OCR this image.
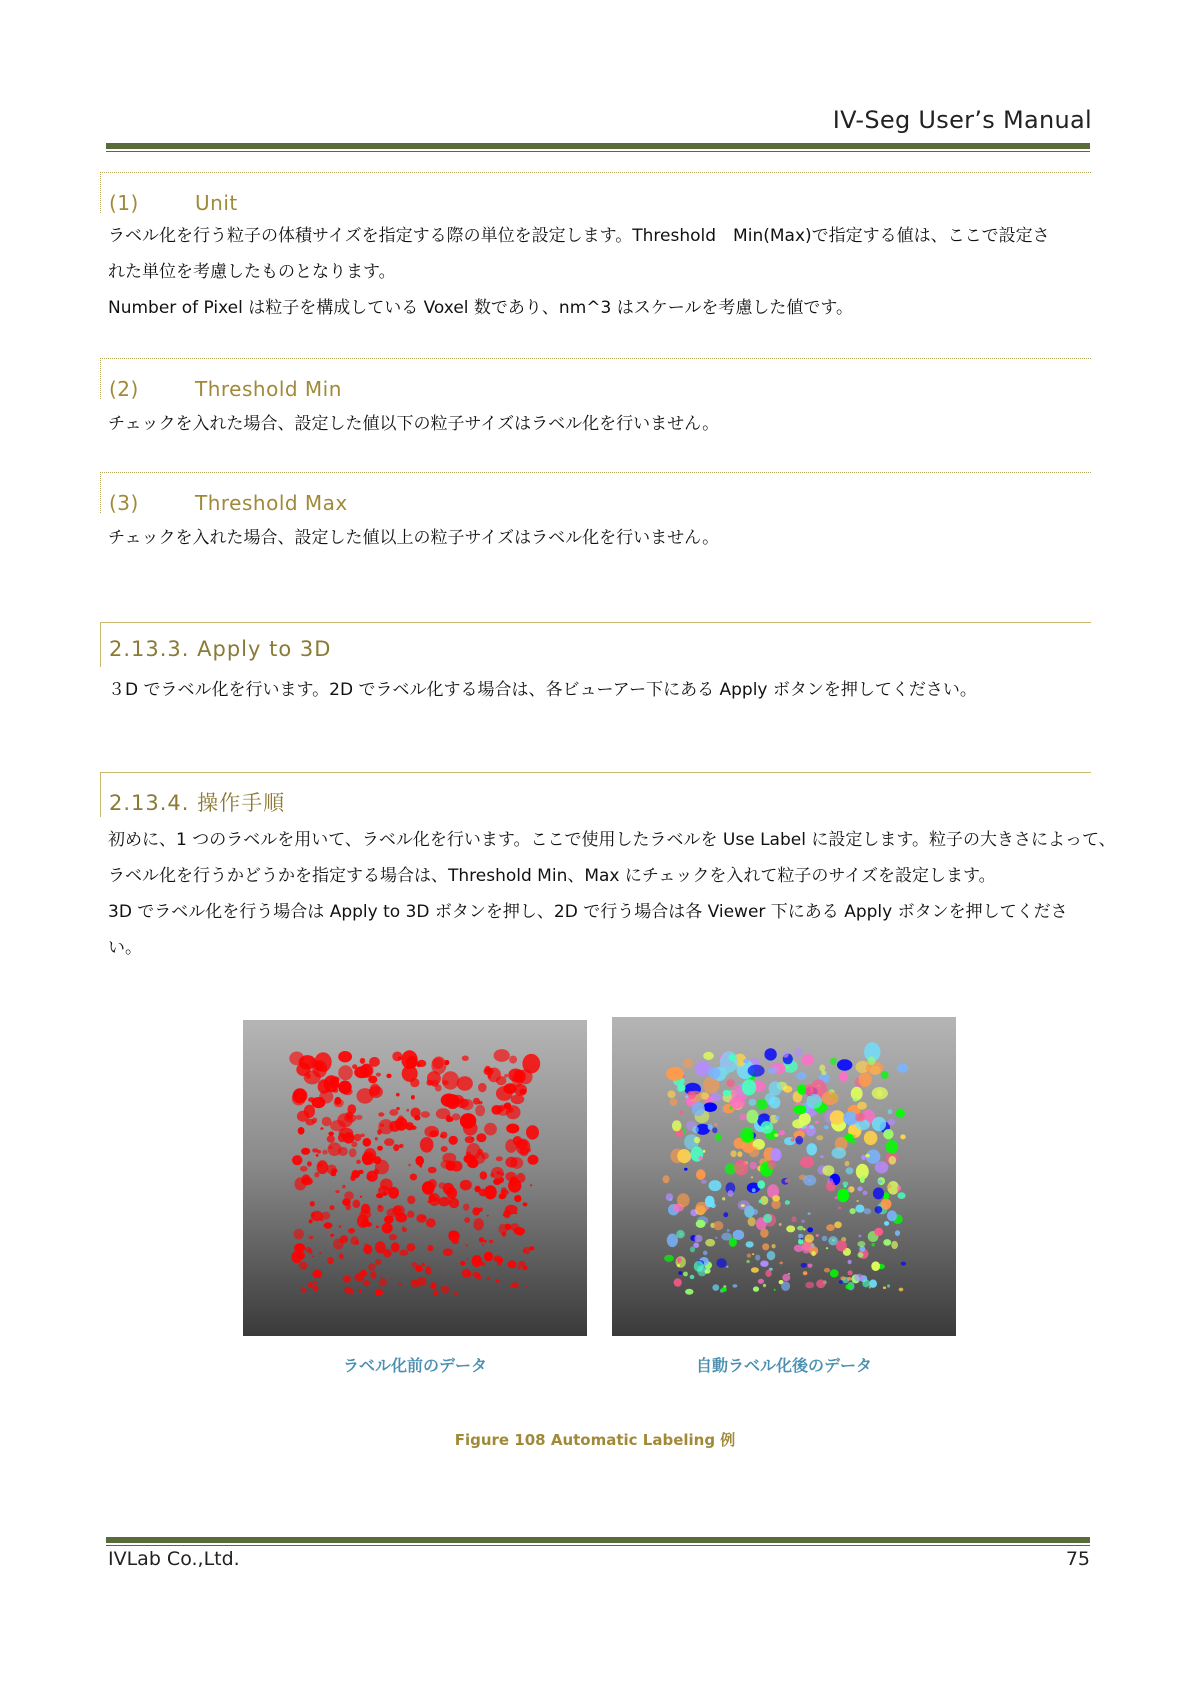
IV-Seg User’s Manual
(1)	Unit
ラベル化を行う粒子の体積サイズを指定する際の単位を設定します。Threshold　Min(Max)で指定する値は、ここで設定さ
れた単位を考慮したものとなります。
Number of Pixel は粒子を構成している Voxel 数であり、nm^3 はスケールを考慮した値です。
(2)	Threshold Min
チェックを入れた場合、設定した値以下の粒子サイズはラベル化を行いません。
(3)	Threshold Max
チェックを入れた場合、設定した値以上の粒子サイズはラベル化を行いません。
2.13.3. Apply to 3D
３D でラベル化を行います。2D でラベル化する場合は、各ビューアー下にある Apply ボタンを押してください。
2.13.4. 操作手順
初めに、1 つのラベルを用いて、ラベル化を行います。ここで使用したラベルを Use Label に設定します。粒子の大きさによって、
ラベル化を行うかどうかを指定する場合は、Threshold Min、Max にチェックを入れて粒子のサイズを設定します。
3D でラベル化を行う場合は Apply to 3D ボタンを押し、2D で行う場合は各 Viewer 下にある Apply ボタンを押してくださ
い。
ラベル化前のデータ	自動ラベル化後のデータ
Figure 108 Automatic Labeling 例
IVLab Co.,Ltd.	75
